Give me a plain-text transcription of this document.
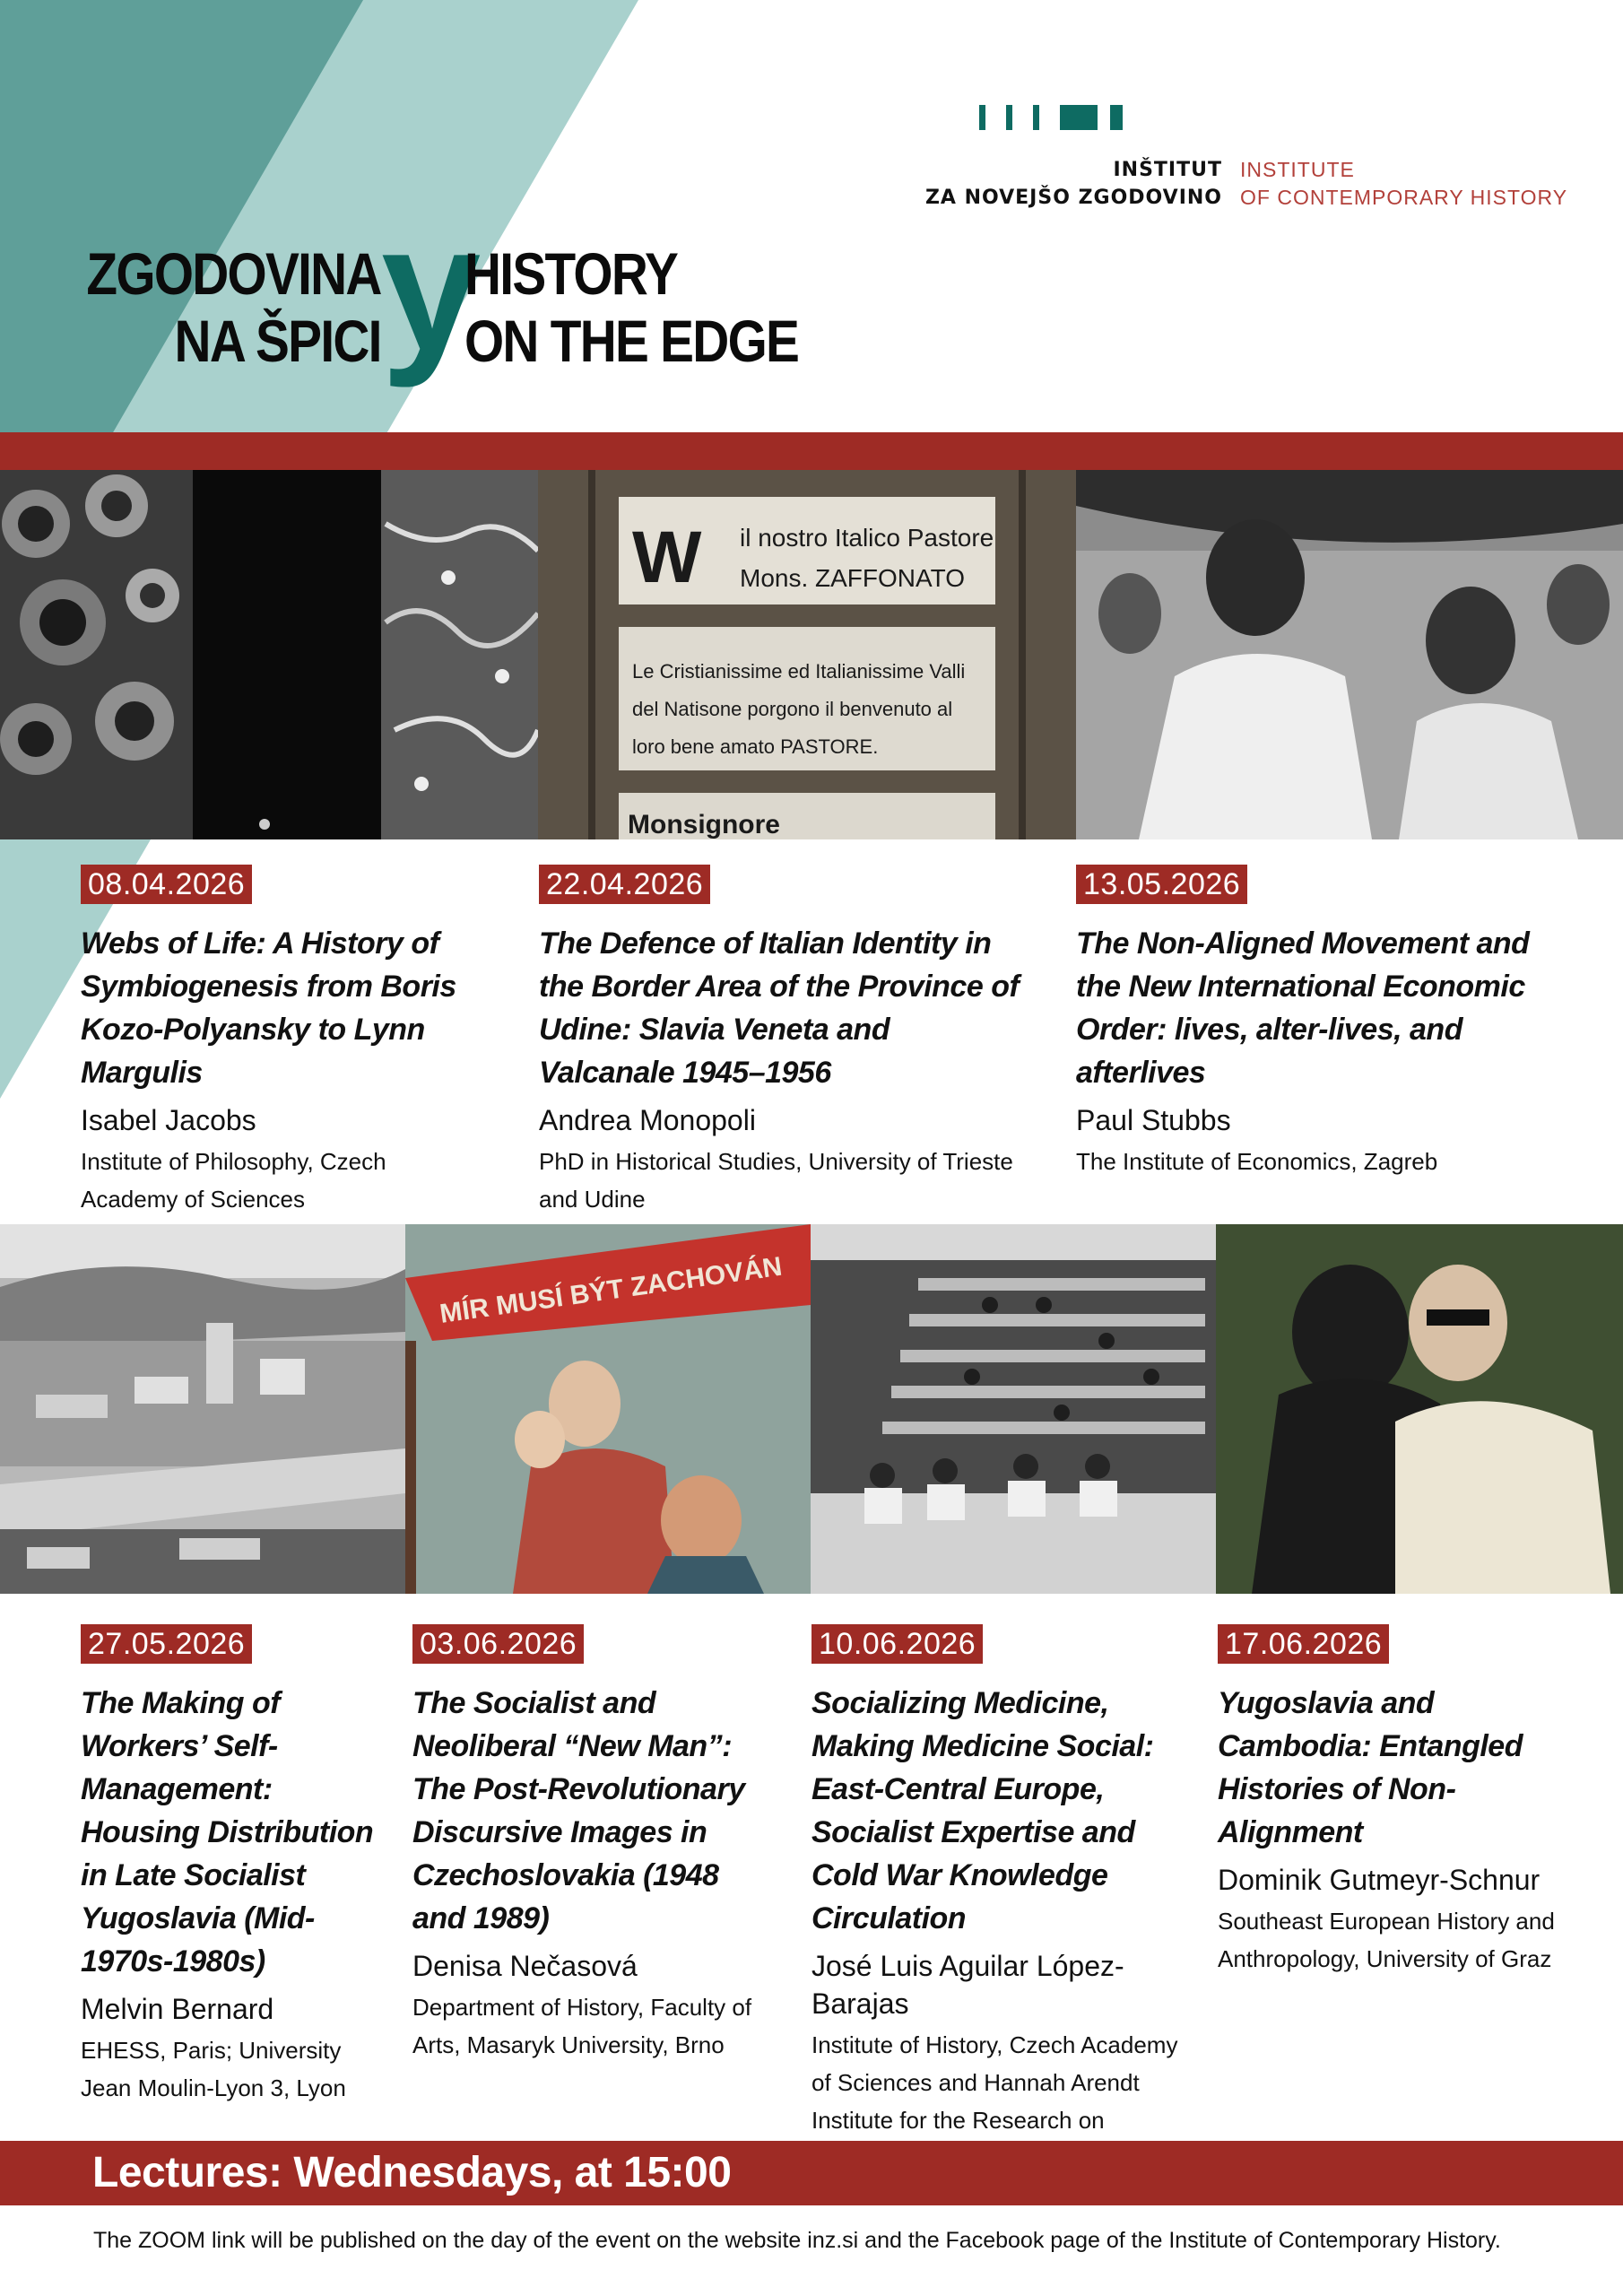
INŠTITUT
ZA NOVEJŠO ZGODOVINO
INSTITUTE
OF CONTEMPORARY HISTORY
ZGODOVINA
NA ŠPICI y
HISTORY
ON THE EDGE
W il nostro Italico Pastore
Mons. ZAFFONATO
Le Cristianissime ed Italianissime Valli
del Natisone porgono il benvenuto al
loro bene amato PASTORE.
Monsignore
08.04.2026
Webs of Life: A History of Symbiogenesis from Boris Kozo-Polyansky to Lynn Margulis
Isabel Jacobs
Institute of Philosophy, Czech Academy of Sciences
22.04.2026
The Defence of Italian Identity in the Border Area of the Province of Udine: Slavia Veneta and Valcanale 1945–1956
Andrea Monopoli
PhD in Historical Studies, University of Trieste and Udine
13.05.2026
The Non-Aligned Movement and the New International Economic Order: lives, alter-lives, and afterlives
Paul Stubbs
The Institute of Economics, Zagreb
MÍR MUSÍ BÝT ZACHOVÁN
27.05.2026
The Making of Workers’ Self-Management: Housing Distribution in Late Socialist Yugoslavia (Mid-1970s-1980s)
Melvin Bernard
EHESS, Paris; University Jean Moulin-Lyon 3, Lyon
03.06.2026
The Socialist and Neoliberal “New Man”: The Post-Revolutionary Discursive Images in Czechoslovakia (1948 and 1989)
Denisa Nečasová
Department of History, Faculty of Arts, Masaryk University, Brno
10.06.2026
Socializing Medicine, Making Medicine Social: East-Central Europe, Socialist Expertise and Cold War Knowledge Circulation
José Luis Aguilar López-Barajas
Institute of History, Czech Academy of Sciences and Hannah Arendt Institute for the Research on
17.06.2026
Yugoslavia and Cambodia: Entangled Histories of Non-Alignment
Dominik Gutmeyr-Schnur
Southeast European History and Anthropology, University of Graz
Lectures: Wednesdays, at 15:00
The ZOOM link will be published on the day of the event on the website inz.si and the Facebook page of the Institute of Contemporary History.
